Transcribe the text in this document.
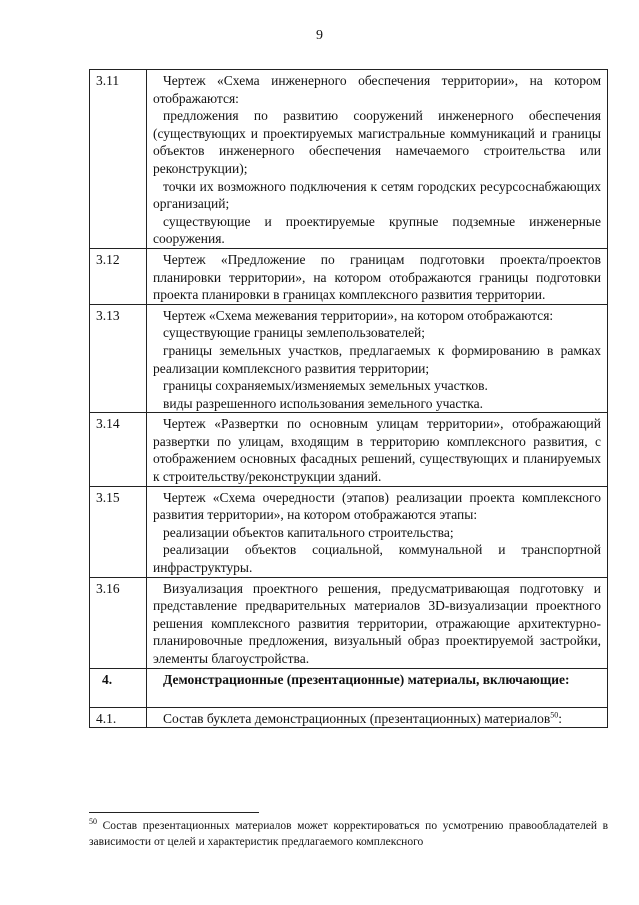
9
3.11	Чертеж «Схема инженерного обеспечения территории», на котором отображаются:
предложения по развитию сооружений инженерного обеспечения (существующих и проектируемых магистральные коммуникаций и границы объектов инженерного обеспечения намечаемого строительства или реконструкции);
точки их возможного подключения к сетям городских ресурсоснабжающих организаций;
существующие и проектируемые крупные подземные инженерные сооружения.

3.12	Чертеж «Предложение по границам подготовки проекта/проектов планировки территории», на котором отображаются границы подготовки проекта планировки в границах комплексного развития территории.

3.13	Чертеж «Схема межевания территории», на котором отображаются:
существующие границы землепользователей;
границы земельных участков, предлагаемых к формированию в рамках реализации комплексного развития территории;
границы сохраняемых/изменяемых земельных участков.
виды разрешенного использования земельного участка.

3.14	Чертеж «Развертки по основным улицам территории», отображающий развертки по улицам, входящим в территорию комплексного развития, с отображением основных фасадных решений, существующих и планируемых к строительству/реконструкции зданий.

3.15	Чертеж «Схема очередности (этапов) реализации проекта комплексного развития территории», на котором отображаются этапы:
реализации объектов капитального строительства;
реализации объектов социальной, коммунальной и транспортной инфраструктуры.

3.16	Визуализация проектного решения, предусматривающая подготовку и представление предварительных материалов 3D-визуализации проектного решения комплексного развития территории, отражающие архитектурно-планировочные предложения, визуальный образ проектируемой застройки, элементы благоустройства.

4.	Демонстрационные (презентационные) материалы, включающие:

4.1.	Состав буклета демонстрационных (презентационных) материалов$^{50}$:
$^{50}$ Состав презентационных материалов может корректироваться по усмотрению правообладателей в зависимости от целей и характеристик предлагаемого комплексного
